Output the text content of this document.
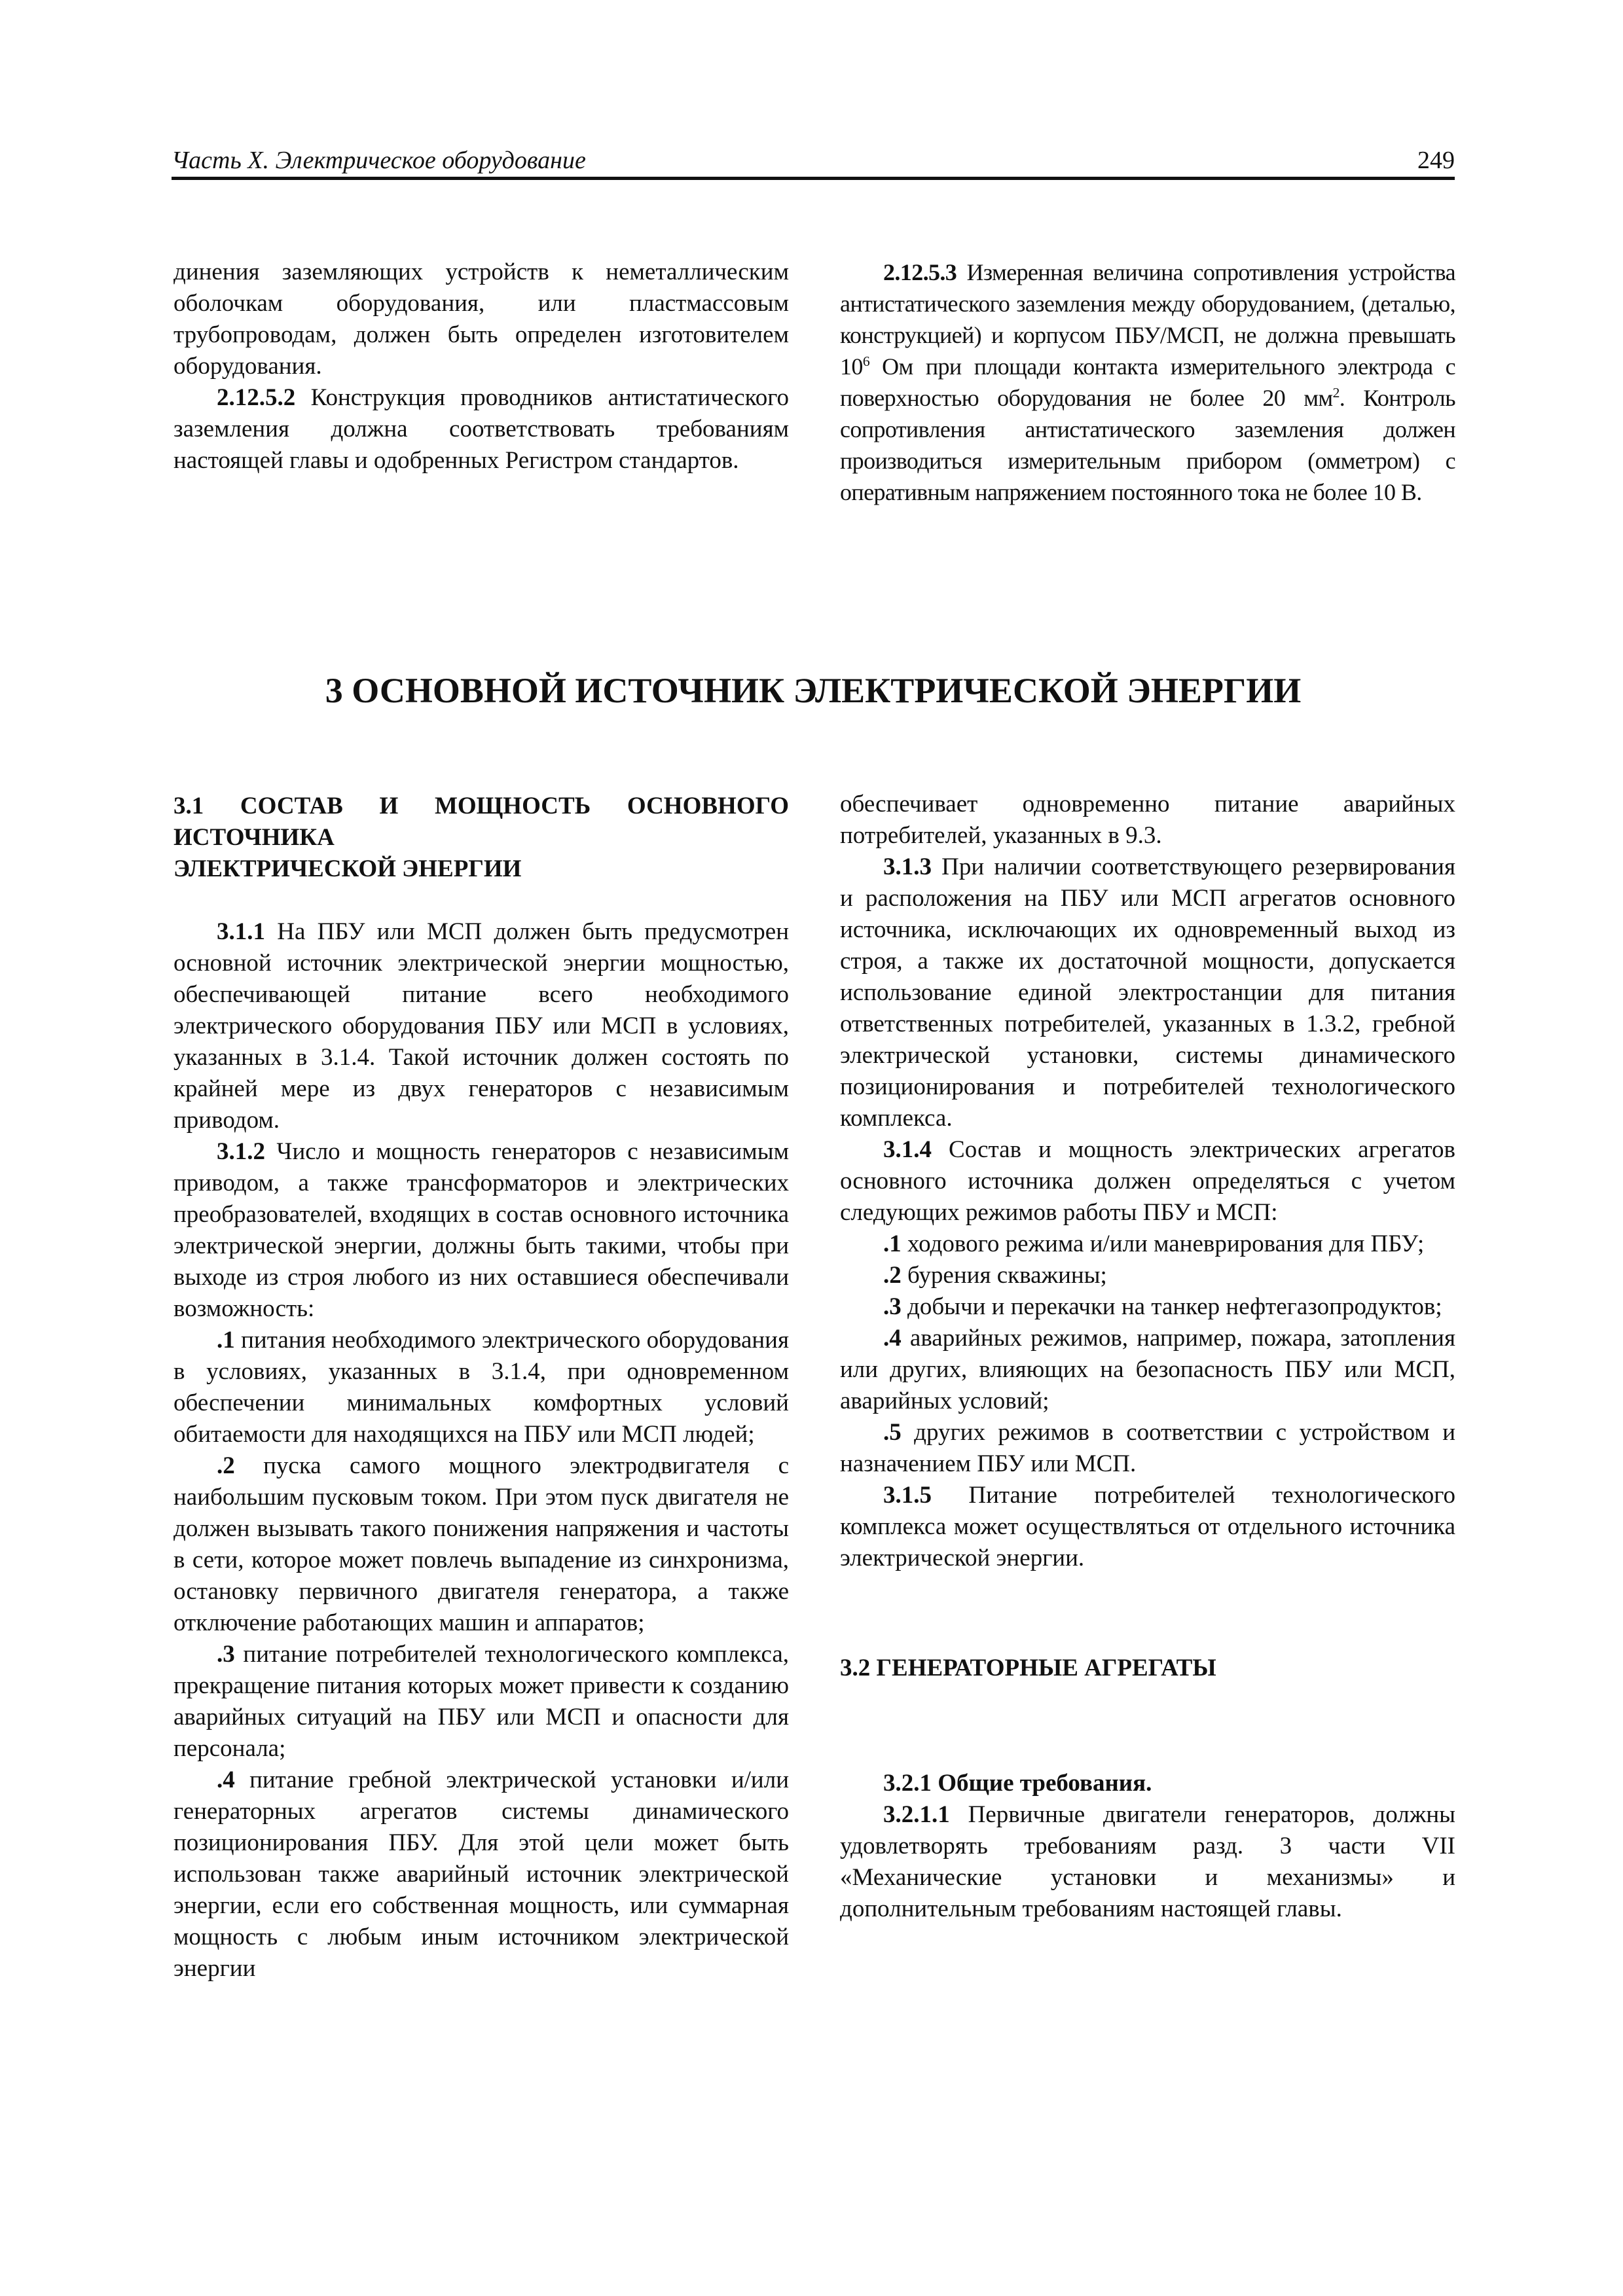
Часть X. Электрическое оборудование	249

динения заземляющих устройств к неметаллическим оболочкам оборудования, или пластмассовым трубопроводам, должен быть определен изготовителем оборудования.

2.12.5.2 Конструкция проводников антистатического заземления должна соответствовать требованиям настоящей главы и одобренных Регистром стандартов.

2.12.5.3 Измеренная величина сопротивления устройства антистатического заземления между оборудованием, (деталью, конструкцией) и корпусом ПБУ/МСП, не должна превышать $10^6$ Ом при площади контакта измерительного электрода с поверхностью оборудования не более 20 $мм^2$. Контроль сопротивления антистатического заземления должен производиться измерительным прибором (омметром) с оперативным напряжением постоянного тока не более 10 В.

3 ОСНОВНОЙ ИСТОЧНИК ЭЛЕКТРИЧЕСКОЙ ЭНЕРГИИ

3.1 СОСТАВ И МОЩНОСТЬ ОСНОВНОГО ИСТОЧНИКА
ЭЛЕКТРИЧЕСКОЙ ЭНЕРГИИ

3.1.1 На ПБУ или МСП должен быть предусмотрен основной источник электрической энергии мощностью, обеспечивающей питание всего необходимого электрического оборудования ПБУ или МСП в условиях, указанных в 3.1.4. Такой источник должен состоять по крайней мере из двух генераторов с независимым приводом.

3.1.2 Число и мощность генераторов с независимым приводом, а также трансформаторов и электрических преобразователей, входящих в состав основного источника электрической энергии, должны быть такими, чтобы при выходе из строя любого из них оставшиеся обеспечивали возможность:

.1 питания необходимого электрического оборудования в условиях, указанных в 3.1.4, при одновременном обеспечении минимальных комфортных условий обитаемости для находящихся на ПБУ или МСП людей;

.2 пуска самого мощного электродвигателя с наибольшим пусковым током. При этом пуск двигателя не должен вызывать такого понижения напряжения и частоты в сети, которое может повлечь выпадение из синхронизма, остановку первичного двигателя генератора, а также отключение работающих машин и аппаратов;

.3 питание потребителей технологического комплекса, прекращение питания которых может привести к созданию аварийных ситуаций на ПБУ или МСП и опасности для персонала;

.4 питание гребной электрической установки и/или генераторных агрегатов системы динамического позиционирования ПБУ. Для этой цели может быть использован также аварийный источник электрической энергии, если его собственная мощность, или суммарная мощность с любым иным источником электрической энергии

обеспечивает одновременно питание аварийных потребителей, указанных в 9.3.

3.1.3 При наличии соответствующего резервирования и расположения на ПБУ или МСП агрегатов основного источника, исключающих их одновременный выход из строя, а также их достаточной мощности, допускается использование единой электростанции для питания ответственных потребителей, указанных в 1.3.2, гребной электрической установки, системы динамического позиционирования и потребителей технологического комплекса.

3.1.4 Состав и мощность электрических агрегатов основного источника должен определяться с учетом следующих режимов работы ПБУ и МСП:

.1 ходового режима и/или маневрирования для ПБУ;

.2 бурения скважины;

.3 добычи и перекачки на танкер нефтегазопродуктов;

.4 аварийных режимов, например, пожара, затопления или других, влияющих на безопасность ПБУ или МСП, аварийных условий;

.5 других режимов в соответствии с устройством и назначением ПБУ или МСП.

3.1.5 Питание потребителей технологического комплекса может осуществляться от отдельного источника электрической энергии.

3.2 ГЕНЕРАТОРНЫЕ АГРЕГАТЫ

3.2.1 Общие требования.

3.2.1.1 Первичные двигатели генераторов, должны удовлетворять требованиям разд. 3 части VII «Механические установки и механизмы» и дополнительным требованиям настоящей главы.
